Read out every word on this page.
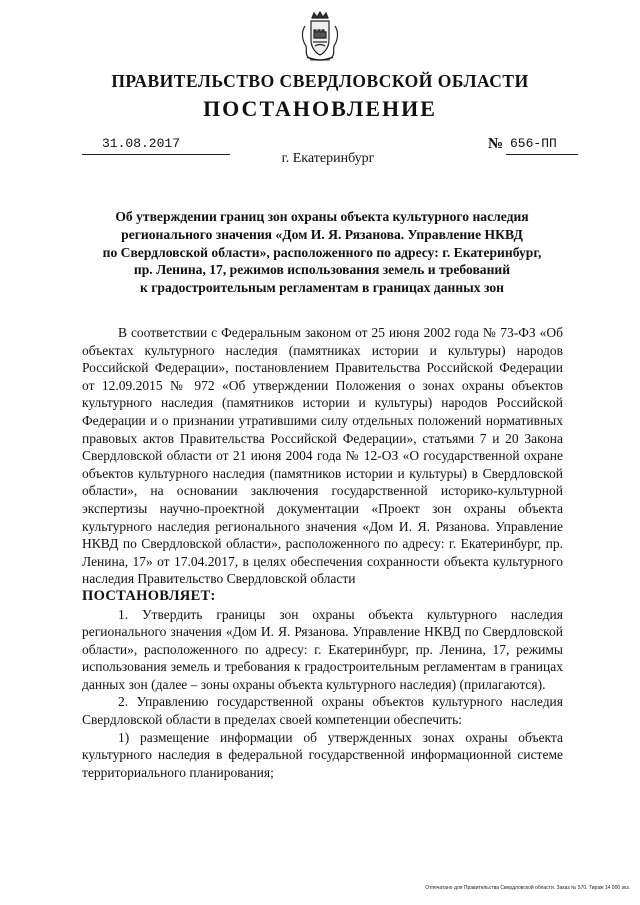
ПРАВИТЕЛЬСТВО СВЕРДЛОВСКОЙ ОБЛАСТИ
ПОСТАНОВЛЕНИЕ
31.08.2017	№ 656-ПП
г. Екатеринбург
Об утверждении границ зон охраны объекта культурного наследия
регионального значения «Дом И. Я. Рязанова. Управление НКВД
по Свердловской области», расположенного по адресу: г. Екатеринбург,
пр. Ленина, 17, режимов использования земель и требований
к градостроительным регламентам в границах данных зон

В соответствии с Федеральным законом от 25 июня 2002 года № 73-ФЗ «Об объектах культурного наследия (памятниках истории и культуры) народов Российской Федерации», постановлением Правительства Российской Федерации от 12.09.2015 № 972 «Об утверждении Положения о зонах охраны объектов культурного наследия (памятников истории и культуры) народов Российской Федерации и о признании утратившими силу отдельных положений нормативных правовых актов Правительства Российской Федерации», статьями 7 и 20 Закона Свердловской области от 21 июня 2004 года № 12-ОЗ «О государственной охране объектов культурного наследия (памятников истории и культуры) в Свердловской области», на основании заключения государственной историко-культурной экспертизы научно-проектной документации «Проект зон охраны объекта культурного наследия регионального значения «Дом И. Я. Рязанова. Управление НКВД по Свердловской области», расположенного по адресу: г. Екатеринбург, пр. Ленина, 17» от 17.04.2017, в целях обеспечения сохранности объекта культурного наследия Правительство Свердловской области

ПОСТАНОВЛЯЕТ:

1. Утвердить границы зон охраны объекта культурного наследия регионального значения «Дом И. Я. Рязанова. Управление НКВД по Свердловской области», расположенного по адресу: г. Екатеринбург, пр. Ленина, 17, режимы использования земель и требования к градостроительным регламентам в границах данных зон (далее – зоны охраны объекта культурного наследия) (прилагаются).

2. Управлению государственной охраны объектов культурного наследия Свердловской области в пределах своей компетенции обеспечить:

1) размещение информации об утвержденных зонах охраны объекта культурного наследия в федеральной государственной информационной системе территориального планирования;

Отпечатано для Правительства Свердловской области. Заказ № 570. Тираж 14 000 экз.
